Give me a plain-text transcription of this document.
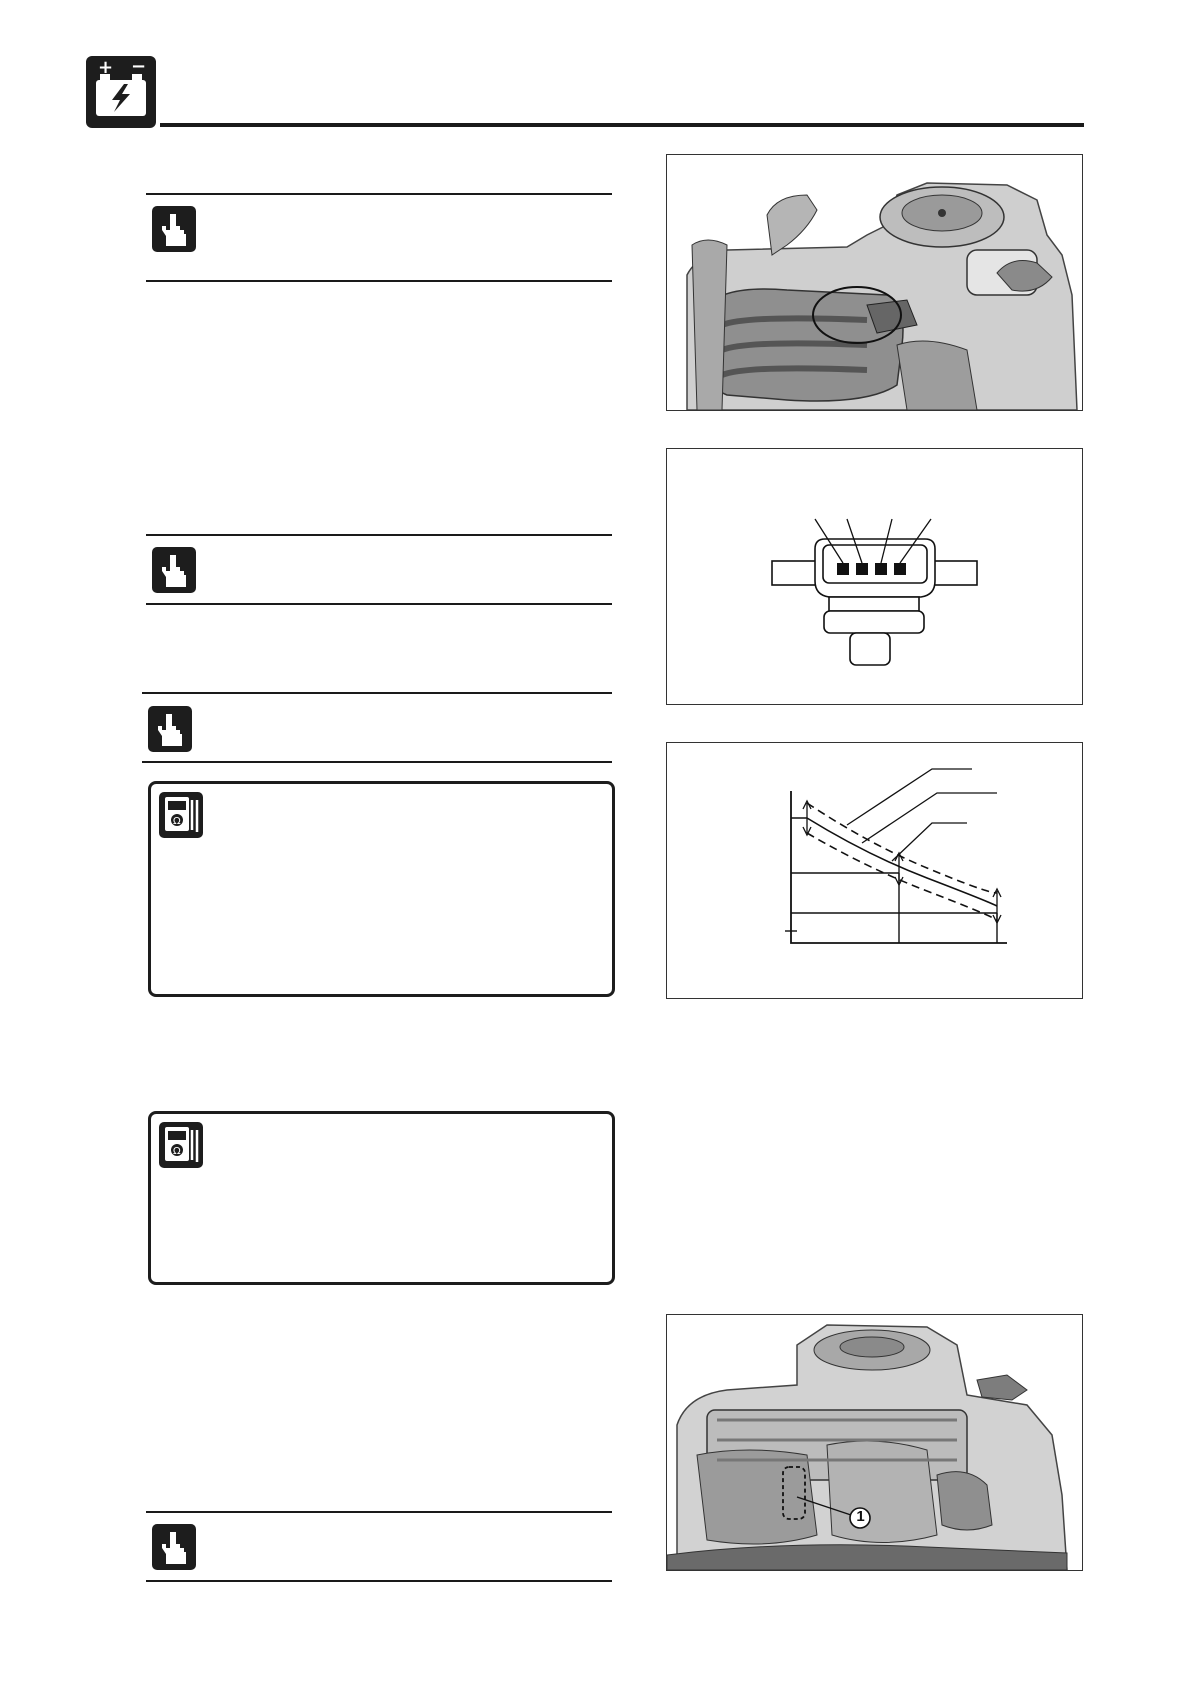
+ −
Ω
Ω
1
